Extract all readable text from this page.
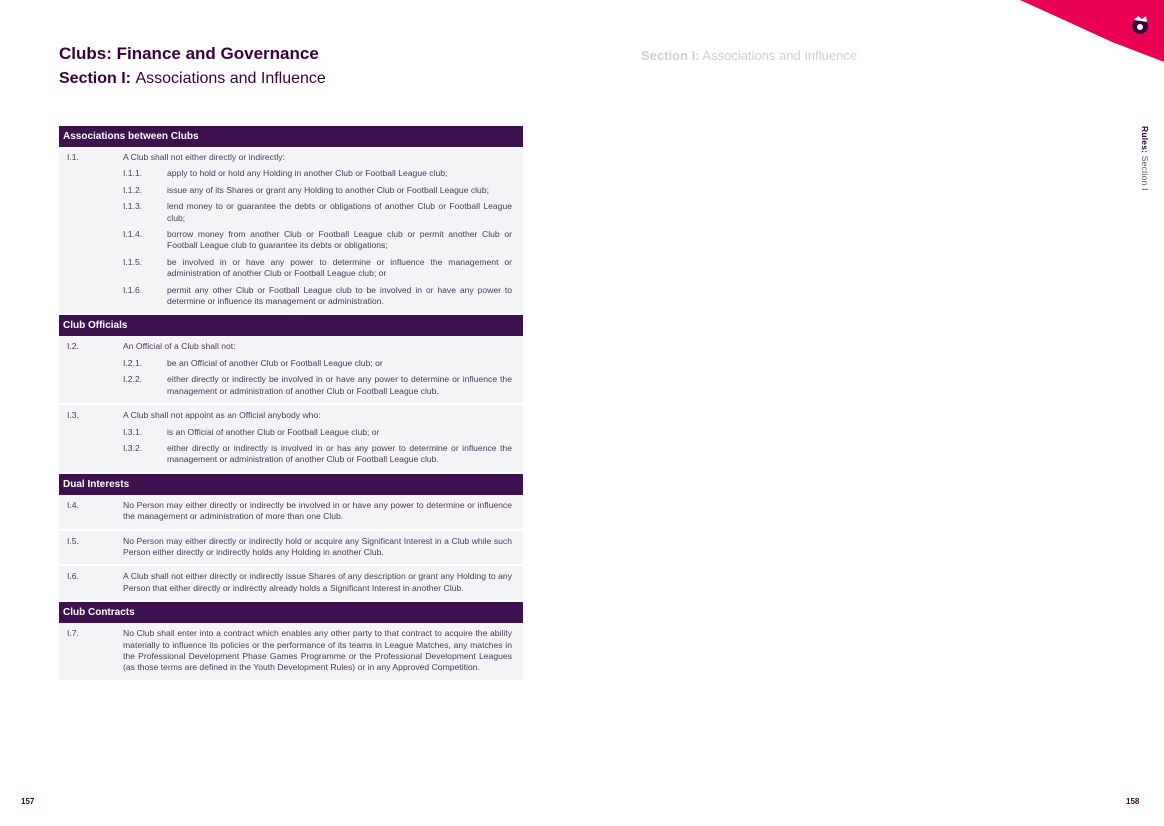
Clubs: Finance and Governance
Section I: Associations and Influence
Section I: Associations and Influence
Rules: Section I
Associations between Clubs
I.1.	A Club shall not either directly or indirectly:
I.1.1.	apply to hold or hold any Holding in another Club or Football League club;
I.1.2.	issue any of its Shares or grant any Holding to another Club or Football League club;
I.1.3.	lend money to or guarantee the debts or obligations of another Club or Football League club;
I.1.4.	borrow money from another Club or Football League club or permit another Club or Football League club to guarantee its debts or obligations;
I.1.5.	be involved in or have any power to determine or influence the management or administration of another Club or Football League club; or
I.1.6.	permit any other Club or Football League club to be involved in or have any power to determine or influence its management or administration.
Club Officials
I.2.	An Official of a Club shall not:
I.2.1.	be an Official of another Club or Football League club; or
I.2.2.	either directly or indirectly be involved in or have any power to determine or influence the management or administration of another Club or Football League club.
I.3.	A Club shall not appoint as an Official anybody who:
I.3.1.	is an Official of another Club or Football League club; or
I.3.2.	either directly or indirectly is involved in or has any power to determine or influence the management or administration of another Club or Football League club.
Dual Interests
I.4.	No Person may either directly or indirectly be involved in or have any power to determine or influence the management or administration of more than one Club.
I.5.	No Person may either directly or indirectly hold or acquire any Significant Interest in a Club while such Person either directly or indirectly holds any Holding in another Club.
I.6.	A Club shall not either directly or indirectly issue Shares of any description or grant any Holding to any Person that either directly or indirectly already holds a Significant Interest in another Club.
Club Contracts
I.7.	No Club shall enter into a contract which enables any other party to that contract to acquire the ability materially to influence its policies or the performance of its teams in League Matches, any matches in the Professional Development Phase Games Programme or the Professional Development Leagues (as those terms are defined in the Youth Development Rules) or in any Approved Competition.
157	158
